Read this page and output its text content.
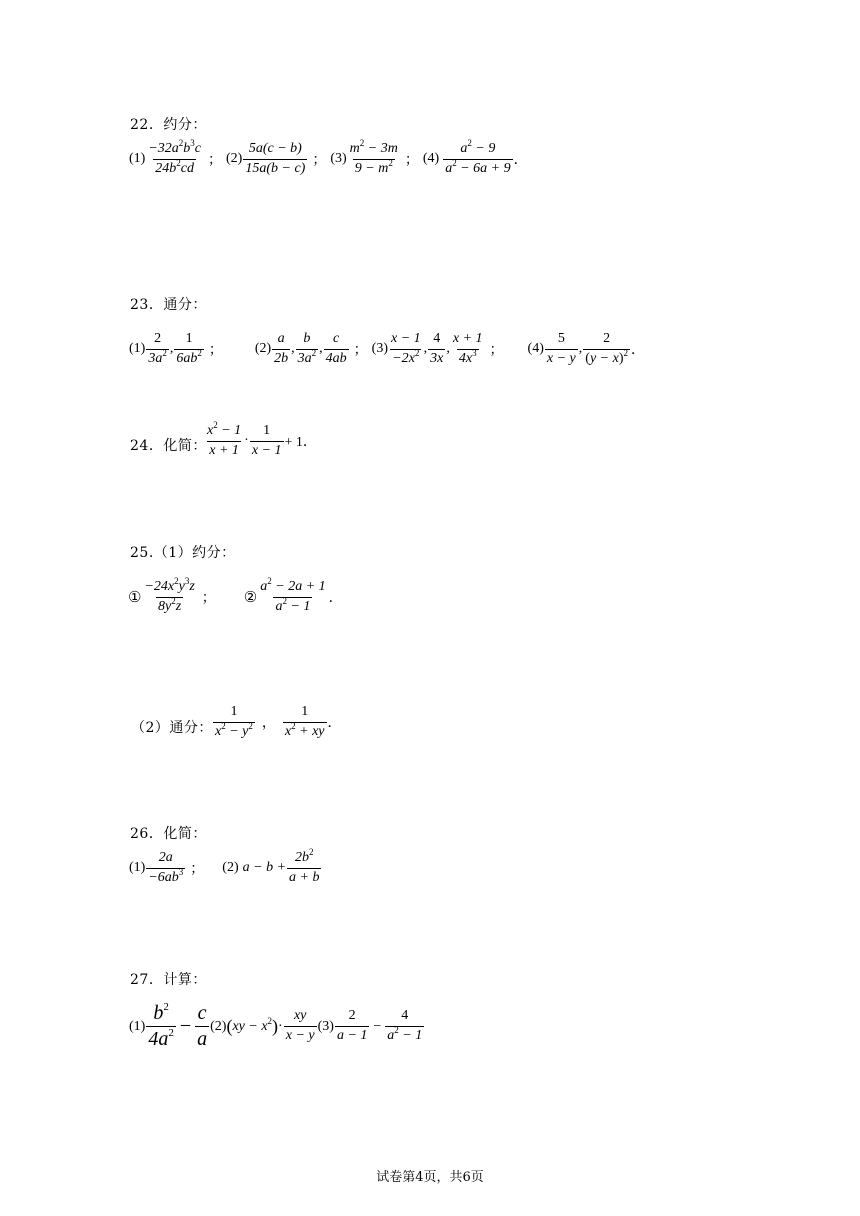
22．约分：
$(1) \frac{-32a^2b^3c}{24b^2cd}$ ； $(2) \frac{5a(c - b)}{15a(b - c)}$ ； $(3) \frac{m^2 - 3m}{9 - m^2}$ ； $(4) \frac{a^2 - 9}{a^2 - 6a + 9}$ ．
23．通分：
$(1) \frac{2}{3a^2}$ , $\frac{1}{6ab^2}$ ； $(2) \frac{a}{2b}$ , $\frac{b}{3a^2}$ , $\frac{c}{4ab}$ ； $(3) \frac{x - 1}{-2x^2}$ , $\frac{4}{3x}$ , $\frac{x + 1}{4x^3}$ ； $(4) \frac{5}{x - y}$ , $\frac{2}{(y - x)^2}$ ．
24．化简：
$\frac{x^2 - 1}{x + 1} \cdot \frac{1}{x - 1} + 1$．
25.（1）约分：
① $\frac{-24x^2y^3z}{8y^2z}$ ； ② $\frac{a^2 - 2a + 1}{a^2 - 1}$ ．
（2）通分： $\frac{1}{x^2 - y^2}$ ， $\frac{1}{x^2 + xy}$ ．
26．化简：
$(1) \frac{2a}{-6ab^3}$ ； (2) $a - b + \frac{2b^2}{a + b}$
27．计算：
$(1) \frac{b^2}{4a^2} - \frac{c}{a} (2)$ ( xy − $x^2$ ) · $\frac{xy}{x - y} (3) \frac{2}{a - 1} - \frac{4}{a^2 - 1}$
试卷第4页，共6页
